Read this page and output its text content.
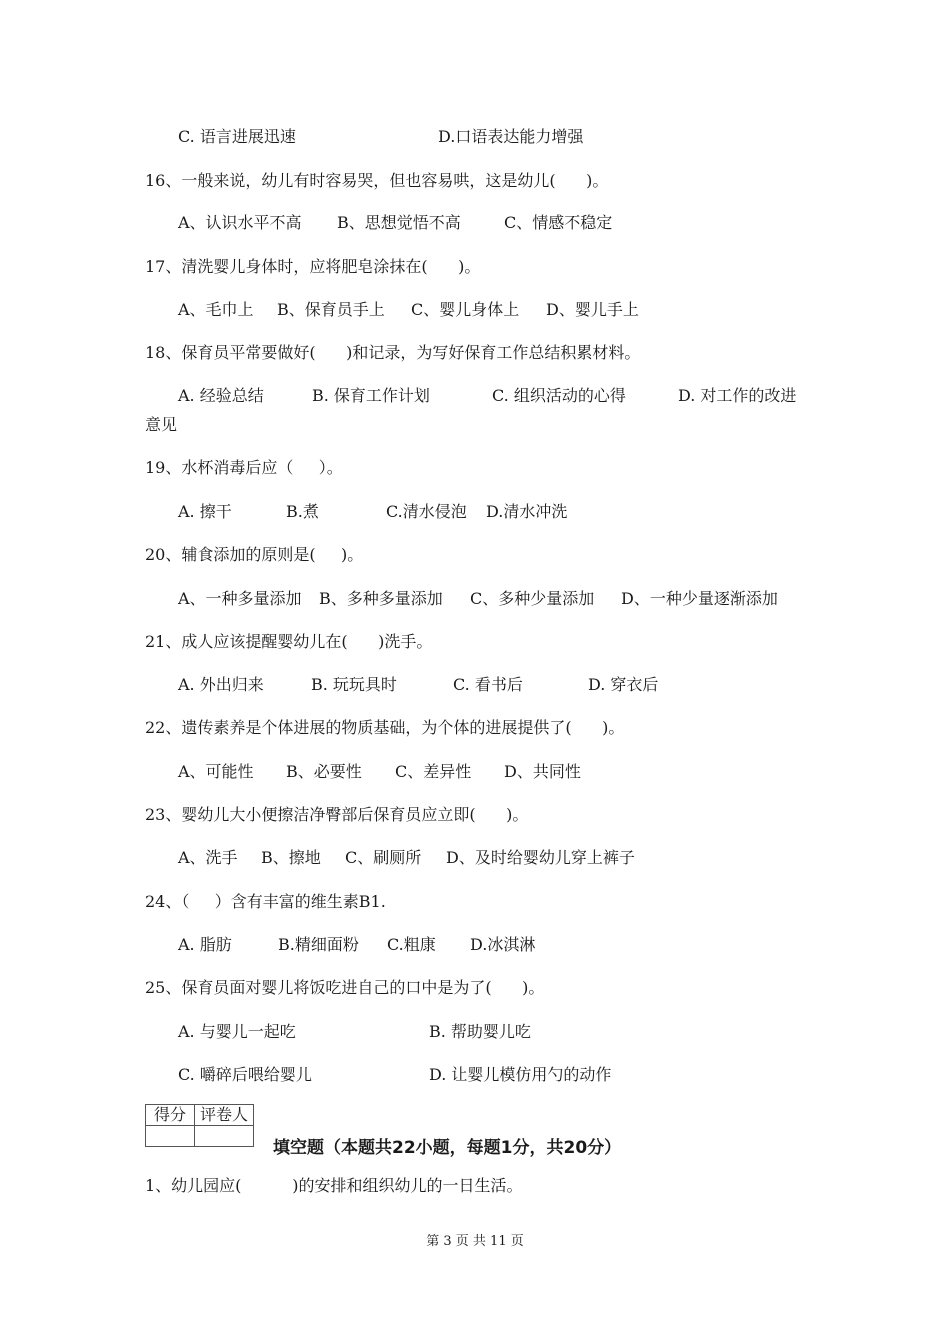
C. 语言进展迅速	D.口语表达能力增强
16、一般来说，幼儿有时容易哭，但也容易哄，这是幼儿(      )。
A、认识水平不高 B、思想觉悟不高	C、情感不稳定
17、清洗婴儿身体时，应将肥皂涂抹在(      )。
A、毛巾上 B、保育员手上 C、婴儿身体上 D、婴儿手上
18、保育员平常要做好(      )和记录，为写好保育工作总结积累材料。
A. 经验总结	B. 保育工作计划	C. 组织活动的心得	D. 对工作的改进
意见
19、水杯消毒后应（     ）。
A. 擦干	B.煮	C.清水侵泡 D.清水冲洗
20、辅食添加的原则是(     )。
A、一种多量添加 B、多种多量添加 C、多种少量添加 D、一种少量逐渐添加
21、成人应该提醒婴幼儿在(      )洗手。
A. 外出归来	B. 玩玩具时	C. 看书后	D. 穿衣后
22、遗传素养是个体进展的物质基础，为个体的进展提供了(      )。
A、可能性 B、必要性 C、差异性 D、共同性
23、婴幼儿大小便擦洁净臀部后保育员应立即(      )。
A、洗手 B、擦地 C、刷厕所 D、及时给婴幼儿穿上裤子
24、（     ）含有丰富的维生素B1.
A. 脂肪	B.精细面粉 C.粗康 D.冰淇淋
25、保育员面对婴儿将饭吃进自己的口中是为了(      )。
A. 与婴儿一起吃	B. 帮助婴儿吃
C. 嚼碎后喂给婴儿	D. 让婴儿模仿用勺的动作
得分	评卷人

填空题（本题共22小题，每题1分，共20分）
1、幼儿园应(          )的安排和组织幼儿的一日生活。
第 3 页 共 11 页
